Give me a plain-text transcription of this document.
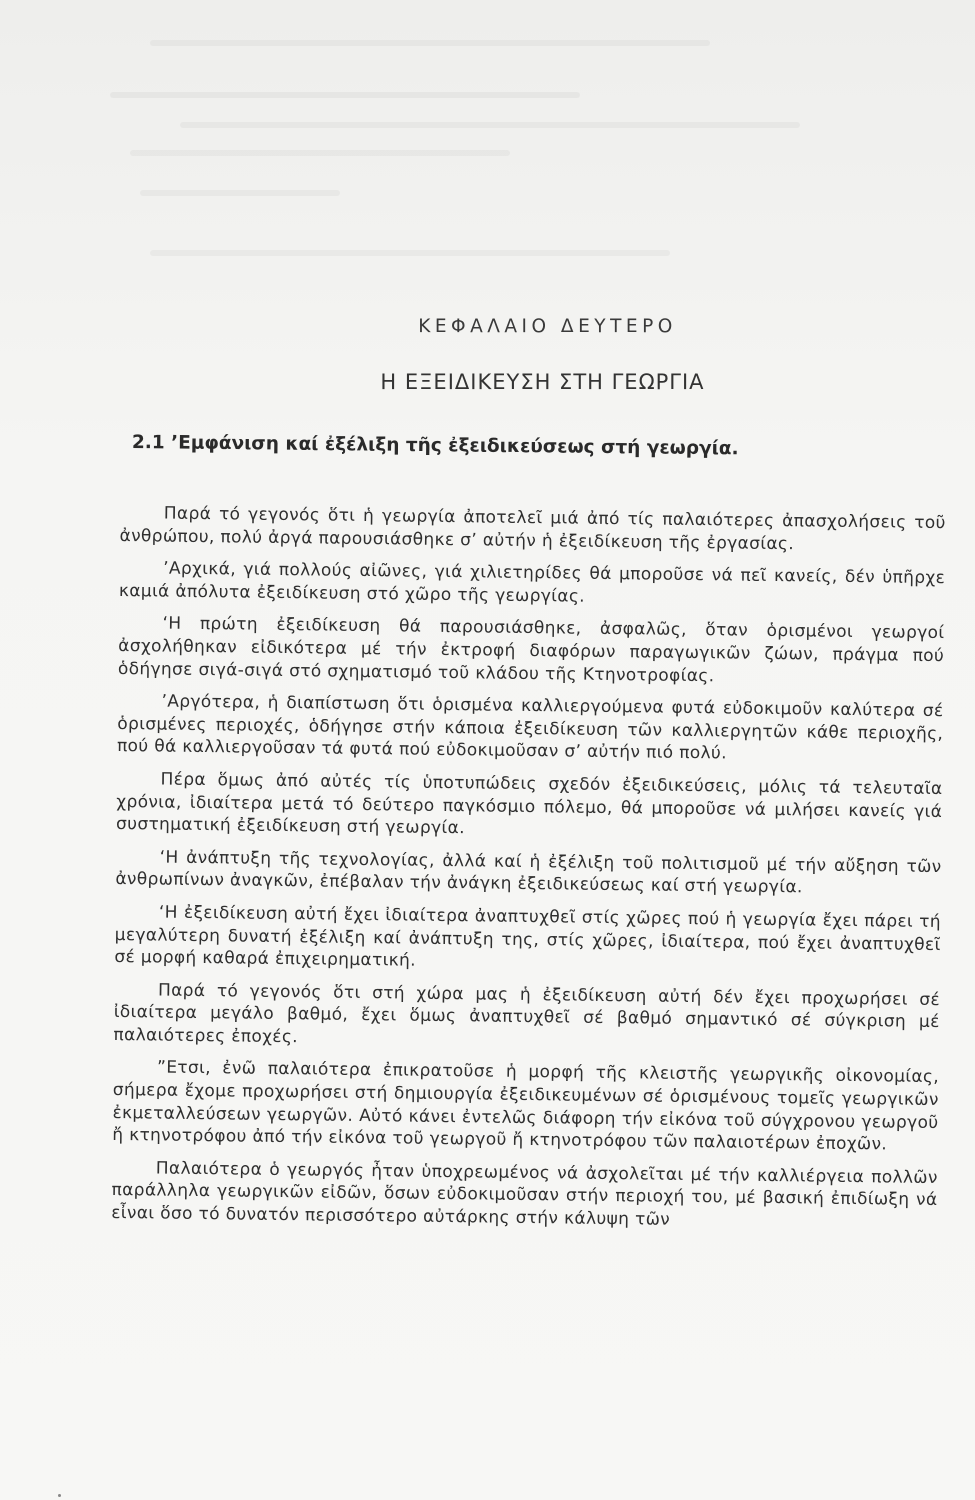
ΚΕΦΑΛΑΙΟ ΔΕΥΤΕΡΟ
Η ΕΞΕΙΔΙΚΕΥΣΗ ΣΤΗ ΓΕΩΡΓΙΑ
2.1 ’Εμφάνιση καί ἐξέλιξη τῆς ἐξειδικεύσεως στή γεωργία.

Παρά τό γεγονός ὅτι ἡ γεωργία ἀποτελεῖ μιά ἀπό τίς παλαιότερες ἀπασχολήσεις τοῦ ἀνθρώπου, πολύ ἀργά παρουσιάσθηκε σ’ αὐτήν ἡ ἐξειδίκευση τῆς ἐργασίας.

’Αρχικά, γιά πολλούς αἰῶνες, γιά χιλιετηρίδες θά μποροῦσε νά πεῖ κανείς, δέν ὑπῆρχε καμιά ἀπόλυτα ἐξειδίκευση στό χῶρο τῆς γεωργίας.

‘Η πρώτη ἐξειδίκευση θά παρουσιάσθηκε, ἀσφαλῶς, ὅταν ὁρισμένοι γεωργοί ἀσχολήθηκαν εἰδικότερα μέ τήν ἐκτροφή διαφόρων παραγωγικῶν ζώων, πράγμα πού ὁδήγησε σιγά-σιγά στό σχηματισμό τοῦ κλάδου τῆς Κτηνοτροφίας.

’Αργότερα, ἡ διαπίστωση ὅτι ὁρισμένα καλλιεργούμενα φυτά εὐδοκιμοῦν καλύτερα σέ ὁρισμένες περιοχές, ὁδήγησε στήν κάποια ἐξειδίκευση τῶν καλλιεργητῶν κάθε περιοχῆς, πού θά καλλιεργοῦσαν τά φυτά πού εὐδοκιμοῦσαν σ’ αὐτήν πιό πολύ.

Πέρα ὅμως ἀπό αὐτές τίς ὑποτυπώδεις σχεδόν ἐξειδικεύσεις, μόλις τά τελευταῖα χρόνια, ἰδιαίτερα μετά τό δεύτερο παγκόσμιο πόλεμο, θά μποροῦσε νά μιλήσει κανείς γιά συστηματική ἐξειδίκευση στή γεωργία.

‘Η ἀνάπτυξη τῆς τεχνολογίας, ἀλλά καί ἡ ἐξέλιξη τοῦ πολιτισμοῦ μέ τήν αὔξηση τῶν ἀνθρωπίνων ἀναγκῶν, ἐπέβαλαν τήν ἀνάγκη ἐξειδικεύσεως καί στή γεωργία.

‘Η ἐξειδίκευση αὐτή ἔχει ἰδιαίτερα ἀναπτυχθεῖ στίς χῶρες πού ἡ γεωργία ἔχει πάρει τή μεγαλύτερη δυνατή ἐξέλιξη καί ἀνάπτυξη της, στίς χῶρες, ἰδιαίτερα, πού ἔχει ἀναπτυχθεῖ σέ μορφή καθαρά ἐπιχειρηματική.

Παρά τό γεγονός ὅτι στή χώρα μας ἡ ἐξειδίκευση αὐτή δέν ἔχει προχωρήσει σέ ἰδιαίτερα μεγάλο βαθμό, ἔχει ὅμως ἀναπτυχθεῖ σέ βαθμό σημαντικό σέ σύγκριση μέ παλαιότερες ἐποχές.

”Ετσι, ἐνῶ παλαιότερα ἐπικρατοῦσε ἡ μορφή τῆς κλειστῆς γεωργικῆς οἰκονομίας, σήμερα ἔχομε προχωρήσει στή δημιουργία ἐξειδικευμένων σέ ὁρισμένους τομεῖς γεωργικῶν ἐκμεταλλεύσεων γεωργῶν. Αὐτό κάνει ἐντελῶς διάφορη τήν εἰκόνα τοῦ σύγχρονου γεωργοῦ ἤ κτηνοτρόφου ἀπό τήν εἰκόνα τοῦ γεωργοῦ ἤ κτηνοτρόφου τῶν παλαιοτέρων ἐποχῶν.

Παλαιότερα ὁ γεωργός ἦταν ὑποχρεωμένος νά ἀσχολεῖται μέ τήν καλλιέργεια πολλῶν παράλληλα γεωργικῶν εἰδῶν, ὅσων εὐδοκιμοῦσαν στήν περιοχή του, μέ βασική ἐπιδίωξη νά εἶναι ὅσο τό δυνατόν περισσότερο αὐτάρκης στήν κάλυψη τῶν
